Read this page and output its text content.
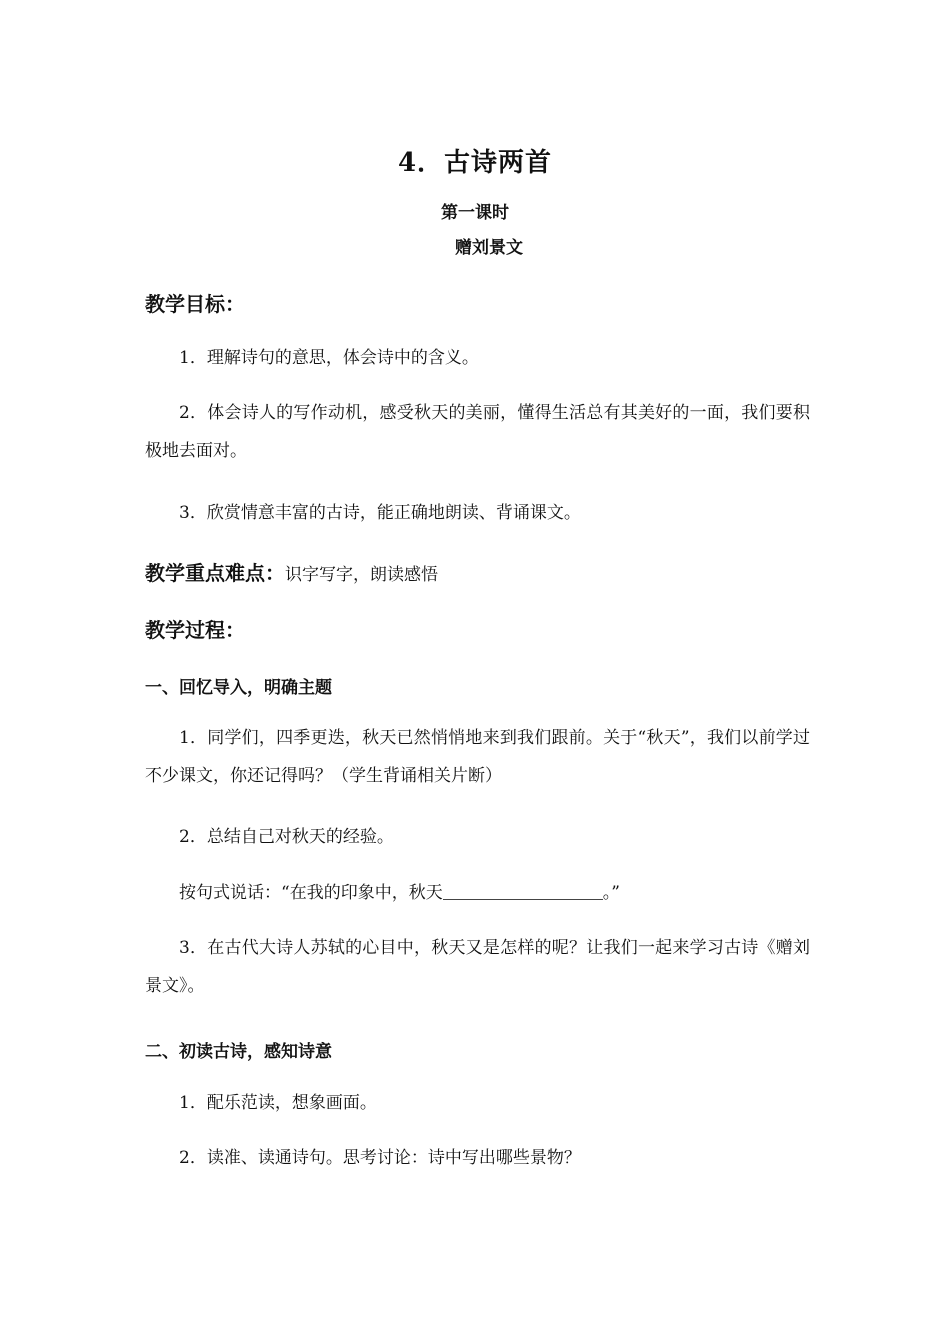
4．古诗两首
第一课时
赠刘景文
教学目标：
1．理解诗句的意思，体会诗中的含义。
2．体会诗人的写作动机，感受秋天的美丽，懂得生活总有其美好的一面，我们要积极地去面对。
3．欣赏情意丰富的古诗，能正确地朗读、背诵课文。
教学重点难点：识字写字，朗读感悟
教学过程：
一、回忆导入，明确主题
1．同学们，四季更迭，秋天已然悄悄地来到我们跟前。关于“秋天”，我们以前学过不少课文，你还记得吗？（学生背诵相关片断）
2．总结自己对秋天的经验。
按句式说话：“在我的印象中，秋天	。”
3．在古代大诗人苏轼的心目中，秋天又是怎样的呢？让我们一起来学习古诗《赠刘景文》。
二、初读古诗，感知诗意
1．配乐范读，想象画面。
2．读准、读通诗句。思考讨论：诗中写出哪些景物？
